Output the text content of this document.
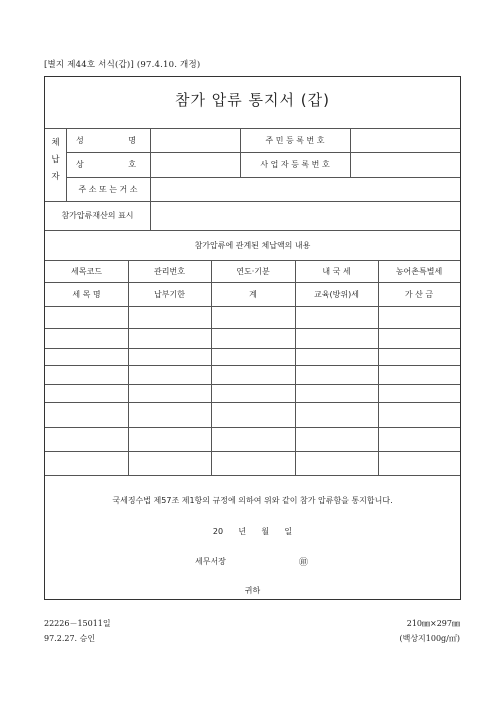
[별지 제44호 서식(갑)] (97.4.10. 개정)
참가 압류 통지서 (갑)
체
납
자
성	명	주 민 등 록 번 호
상	호	사 업 자 등 록 번 호
주 소 또 는 거 소
참가압류재산의 표시
참가압류에 관계된 체납액의 내용
세목코드	관리번호	연도·기분	내 국 세	농어촌특별세
세 목 명	납부기한	계	교육(방위)세	가 산 금
국세징수법 제57조 제1항의 규정에 의하여 위와 같이 참가 압류함을 통지합니다.
20      년      월      일
세무서장	㊞
귀하
22226－15011일
97.2.27. 승인
210㎜×297㎜
(백상지100g/㎡)
